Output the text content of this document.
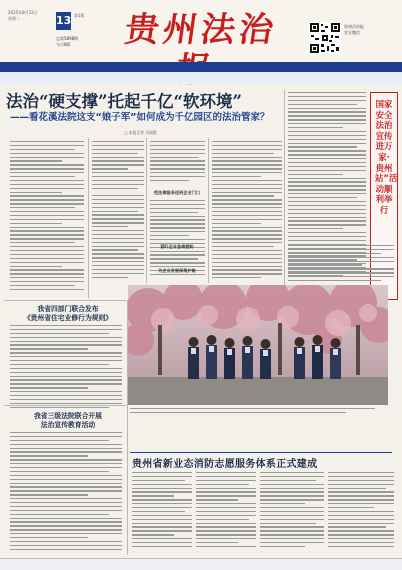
2025年8月12日
星期二	13 第1版
总第5898期
今日8版 贵州法治报
贵州法治报
官方微信
法治“硬支撑”托起千亿“软环境”
——看花溪法院这支“娘子军”如何成为千亿园区的法治管家？
□ 本报记者 吴丽霞
把法律服务送到企业门口
紧盯企业急难愁盼
为企业发展保驾护航
国家安全法治宣传进万家·贵州站”活动顺利举行
我省四部门联合发布
《贵州省住宅业修行为规则》
我省三级法院联合开展
法治宣传教育活动
贵州省新业态消防志愿服务体系正式建成
